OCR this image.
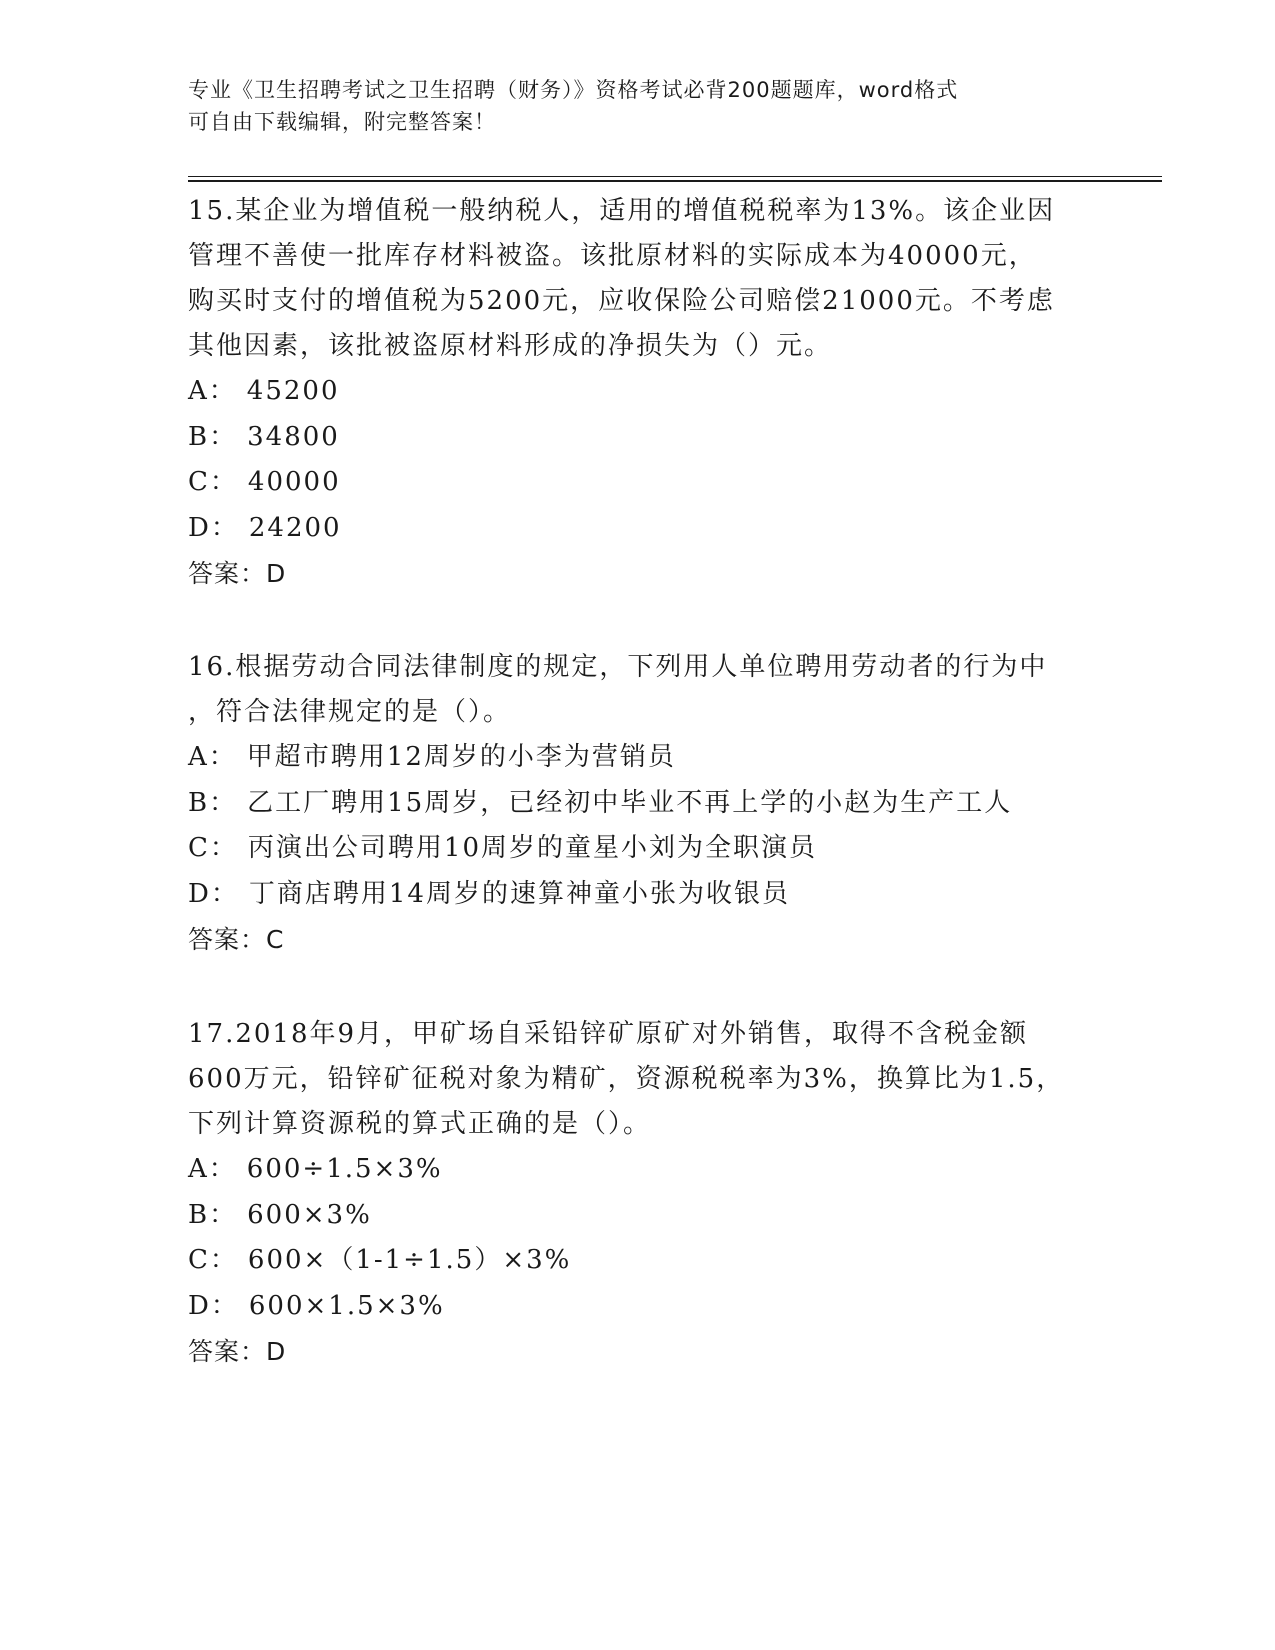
专业《卫生招聘考试之卫生招聘（财务）》资格考试必背200题题库，word格式
可自由下载编辑，附完整答案！
15.某企业为增值税一般纳税人，适用的增值税税率为13%。该企业因
管理不善使一批库存材料被盗。该批原材料的实际成本为40000元，
购买时支付的增值税为5200元，应收保险公司赔偿21000元。不考虑
其他因素，该批被盗原材料形成的净损失为（）元。
A： 45200
B： 34800
C： 40000
D： 24200
答案：D
16.根据劳动合同法律制度的规定，下列用人单位聘用劳动者的行为中
，符合法律规定的是（）。
A： 甲超市聘用12周岁的小李为营销员
B： 乙工厂聘用15周岁，已经初中毕业不再上学的小赵为生产工人
C： 丙演出公司聘用10周岁的童星小刘为全职演员
D： 丁商店聘用14周岁的速算神童小张为收银员
答案：C
17.2018年9月，甲矿场自采铅锌矿原矿对外销售，取得不含税金额
600万元，铅锌矿征税对象为精矿，资源税税率为3%，换算比为1.5，
下列计算资源税的算式正确的是（）。
A： 600÷1.5×3%
B： 600×3%
C： 600×（1-1÷1.5）×3%
D： 600×1.5×3%
答案：D
